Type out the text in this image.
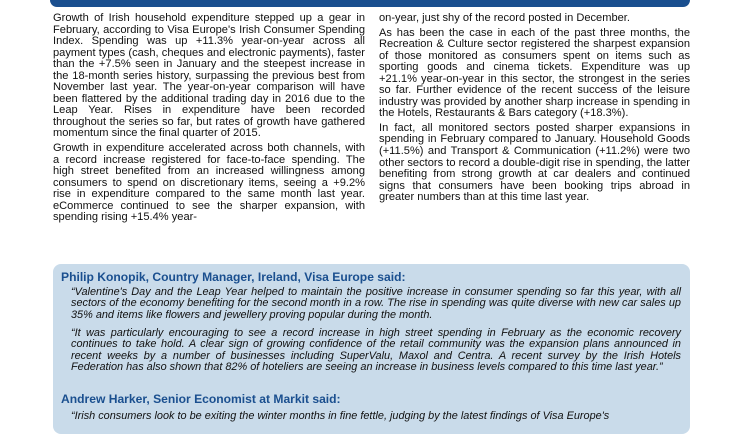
Growth of Irish household expenditure stepped up a gear in February, according to Visa Europe's Irish Consumer Spending Index. Spending was up +11.3% year-on-year across all payment types (cash, cheques and electronic payments), faster than the +7.5% seen in January and the steepest increase in the 18-month series history, surpassing the previous best from November last year. The year-on-year comparison will have been flattered by the additional trading day in 2016 due to the Leap Year. Rises in expenditure have been recorded throughout the series so far, but rates of growth have gathered momentum since the final quarter of 2015.

Growth in expenditure accelerated across both channels, with a record increase registered for face-to-face spending. The high street benefited from an increased willingness among consumers to spend on discretionary items, seeing a +9.2% rise in expenditure compared to the same month last year. eCommerce continued to see the sharper expansion, with spending rising +15.4% year-

on-year, just shy of the record posted in December.

As has been the case in each of the past three months, the Recreation & Culture sector registered the sharpest expansion of those monitored as consumers spent on items such as sporting goods and cinema tickets. Expenditure was up +21.1% year-on-year in this sector, the strongest in the series so far. Further evidence of the recent success of the leisure industry was provided by another sharp increase in spending in the Hotels, Restaurants & Bars category (+18.3%).

In fact, all monitored sectors posted sharper expansions in spending in February compared to January. Household Goods (+11.5%) and Transport & Communication (+11.2%) were two other sectors to record a double-digit rise in spending, the latter benefiting from strong growth at car dealers and continued signs that consumers have been booking trips abroad in greater numbers than at this time last year.

Philip Konopik, Country Manager, Ireland, Visa Europe said:

“Valentine's Day and the Leap Year helped to maintain the positive increase in consumer spending so far this year, with all sectors of the economy benefiting for the second month in a row. The rise in spending was quite diverse with new car sales up 35% and items like flowers and jewellery proving popular during the month.

“It was particularly encouraging to see a record increase in high street spending in February as the economic recovery continues to take hold. A clear sign of growing confidence of the retail community was the expansion plans announced in recent weeks by a number of businesses including SuperValu, Maxol and Centra. A recent survey by the Irish Hotels Federation has also shown that 82% of hoteliers are seeing an increase in business levels compared to this time last year.”

Andrew Harker, Senior Economist at Markit said:

“Irish consumers look to be exiting the winter months in fine fettle, judging by the latest findings of Visa Europe's
